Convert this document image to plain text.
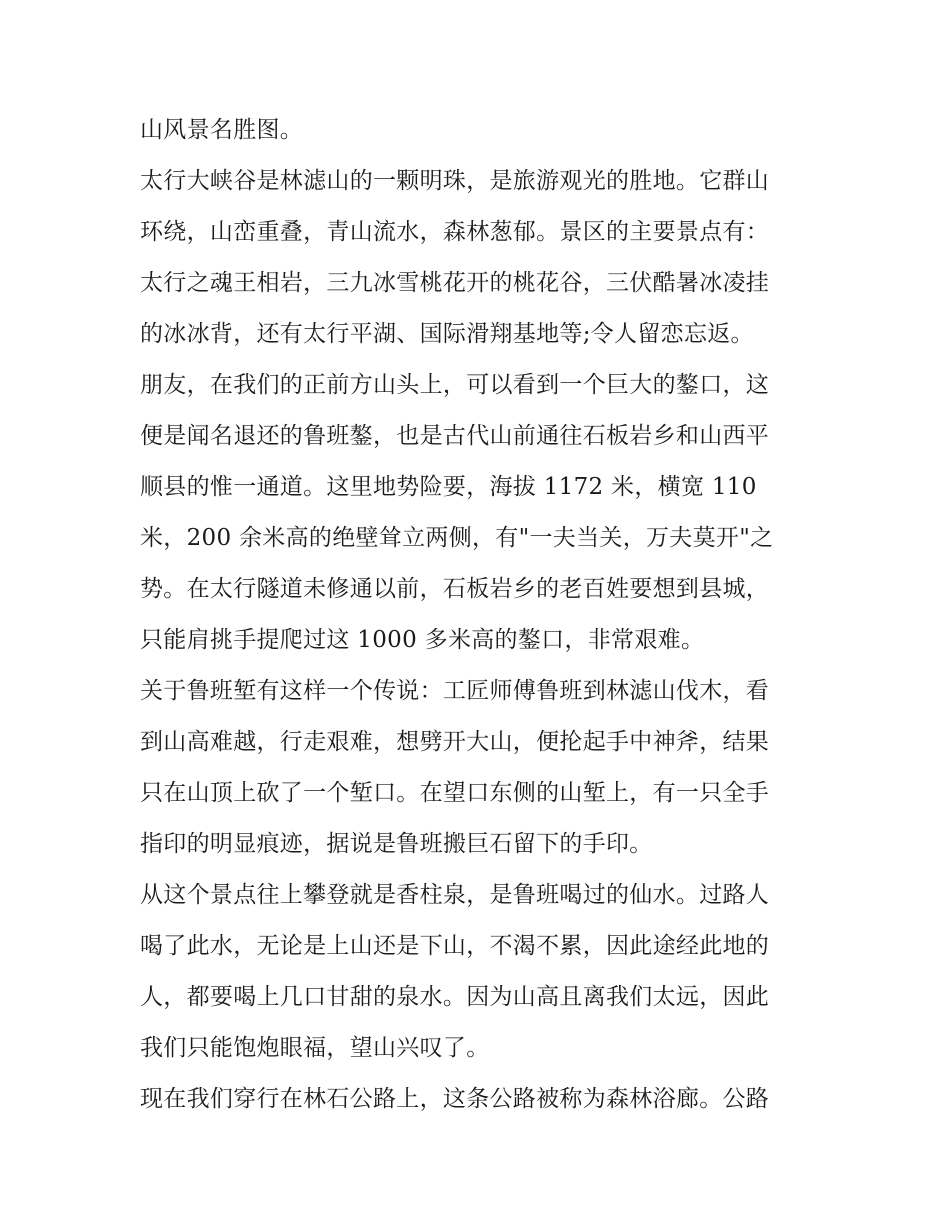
山风景名胜图。
太行大峡谷是林滤山的一颗明珠，是旅游观光的胜地。它群山
环绕，山峦重叠，青山流水，森林葱郁。景区的主要景点有：
太行之魂王相岩，三九冰雪桃花开的桃花谷，三伏酷暑冰凌挂
的冰冰背，还有太行平湖、国际滑翔基地等;令人留恋忘返。
朋友，在我们的正前方山头上，可以看到一个巨大的鏊口，这
便是闻名退还的鲁班鏊，也是古代山前通往石板岩乡和山西平
顺县的惟一通道。这里地势险要，海拔 1172 米，横宽 110
米，200 余米高的绝壁耸立两侧，有"一夫当关，万夫莫开"之
势。在太行隧道未修通以前，石板岩乡的老百姓要想到县城，
只能肩挑手提爬过这 1000 多米高的鏊口，非常艰难。
关于鲁班堑有这样一个传说：工匠师傅鲁班到林滤山伐木，看
到山高难越，行走艰难，想劈开大山，便抡起手中神斧，结果
只在山顶上砍了一个堑口。在望口东侧的山堑上，有一只全手
指印的明显痕迹，据说是鲁班搬巨石留下的手印。
从这个景点往上攀登就是香柱泉，是鲁班喝过的仙水。过路人
喝了此水，无论是上山还是下山，不渴不累，因此途经此地的
人，都要喝上几口甘甜的泉水。因为山高且离我们太远，因此
我们只能饱炮眼福，望山兴叹了。
现在我们穿行在林石公路上，这条公路被称为森林浴廊。公路
